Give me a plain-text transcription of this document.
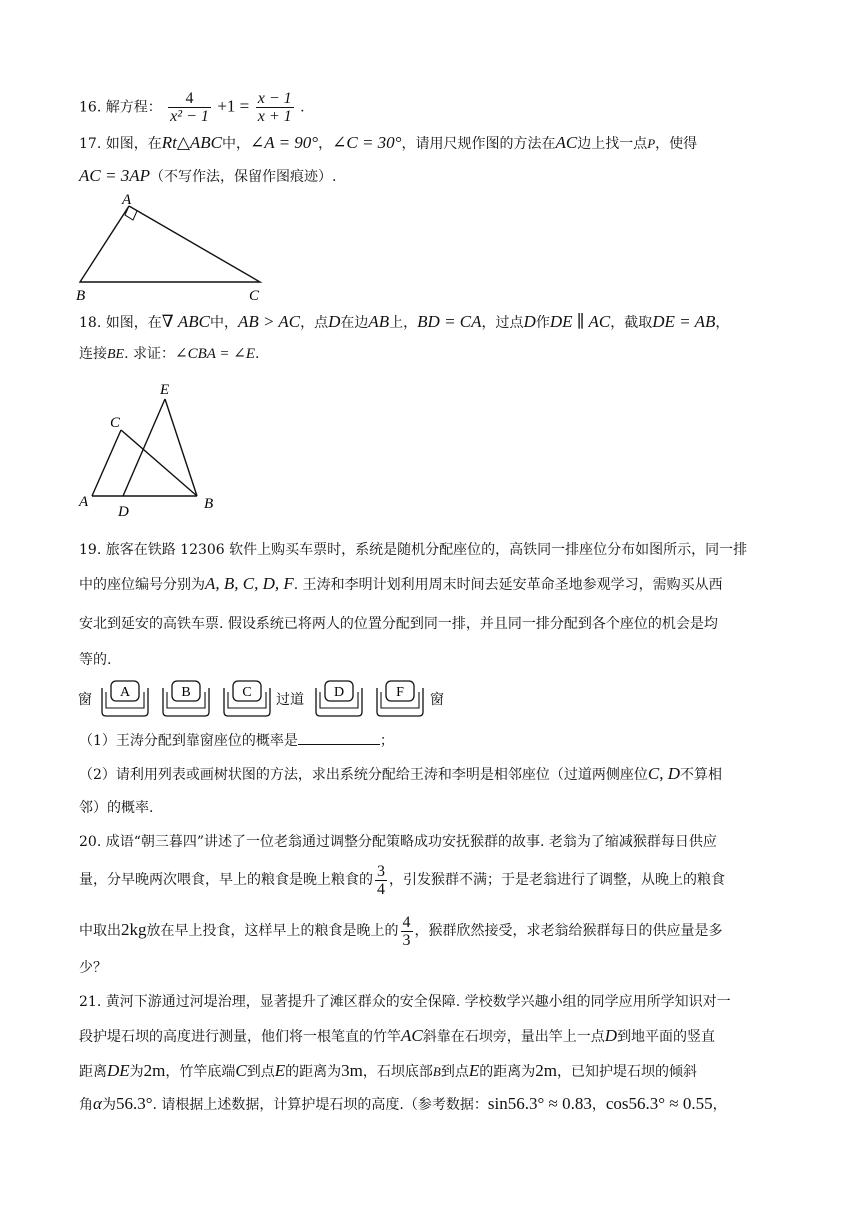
16. 解方程： $\frac{4}{\text{x² − 1}} +1 = \frac{x - 1}{x + 1}$ .
17. 如图，在Rt△ABC中，∠A = 90°，∠C = 30°，请用尺规作图的方法在AC边上找一点P，使得
AC = 3AP（不写作法，保留作图痕迹）.
A
B	C
18. 如图，在∇ ABC中，AB > AC，点D在边AB上，BD = CA，过点D作DE ∥ AC，截取DE = AB，
连接BE. 求证：∠CBA = ∠E.
E
C
A	B
D
19. 旅客在铁路 12306 软件上购买车票时，系统是随机分配座位的，高铁同一排座位分布如图所示，同一排
中的座位编号分别为A, B, C, D, F. 王涛和李明计划利用周末时间去延安革命圣地参观学习，需购买从西
安北到延安的高铁车票. 假设系统已将两人的位置分配到同一排，并且同一排分配到各个座位的机会是均
等的.
窗 A	B	C 过道 D	F 窗
（1）王涛分配到靠窗座位的概率是	；
（2）请利用列表或画树状图的方法，求出系统分配给王涛和李明是相邻座位（过道两侧座位C, D不算相
邻）的概率.
20. 成语“朝三暮四”讲述了一位老翁通过调整分配策略成功安抚猴群的故事. 老翁为了缩减猴群每日供应
量，分早晚两次喂食，早上的粮食是晚上粮食的 $\frac{3}{4}$ ，引发猴群不满；于是老翁进行了调整，从晚上的粮食
中取出2kg放在早上投食，这样早上的粮食是晚上的 $\frac{4}{3}$ ，猴群欣然接受，求老翁给猴群每日的供应量是多
少？
21. 黄河下游通过河堤治理，显著提升了滩区群众的安全保障. 学校数学兴趣小组的同学应用所学知识对一
段护堤石坝的高度进行测量，他们将一根笔直的竹竿AC斜靠在石坝旁，量出竿上一点D到地平面的竖直
距离DE为2m，竹竿底端C到点E的距离为3m，石坝底部B到点E的距离为2m，已知护堤石坝的倾斜
角α为56.3°. 请根据上述数据，计算护堤石坝的高度.（参考数据：sin56.3° ≈ 0.83，cos56.3° ≈ 0.55，
